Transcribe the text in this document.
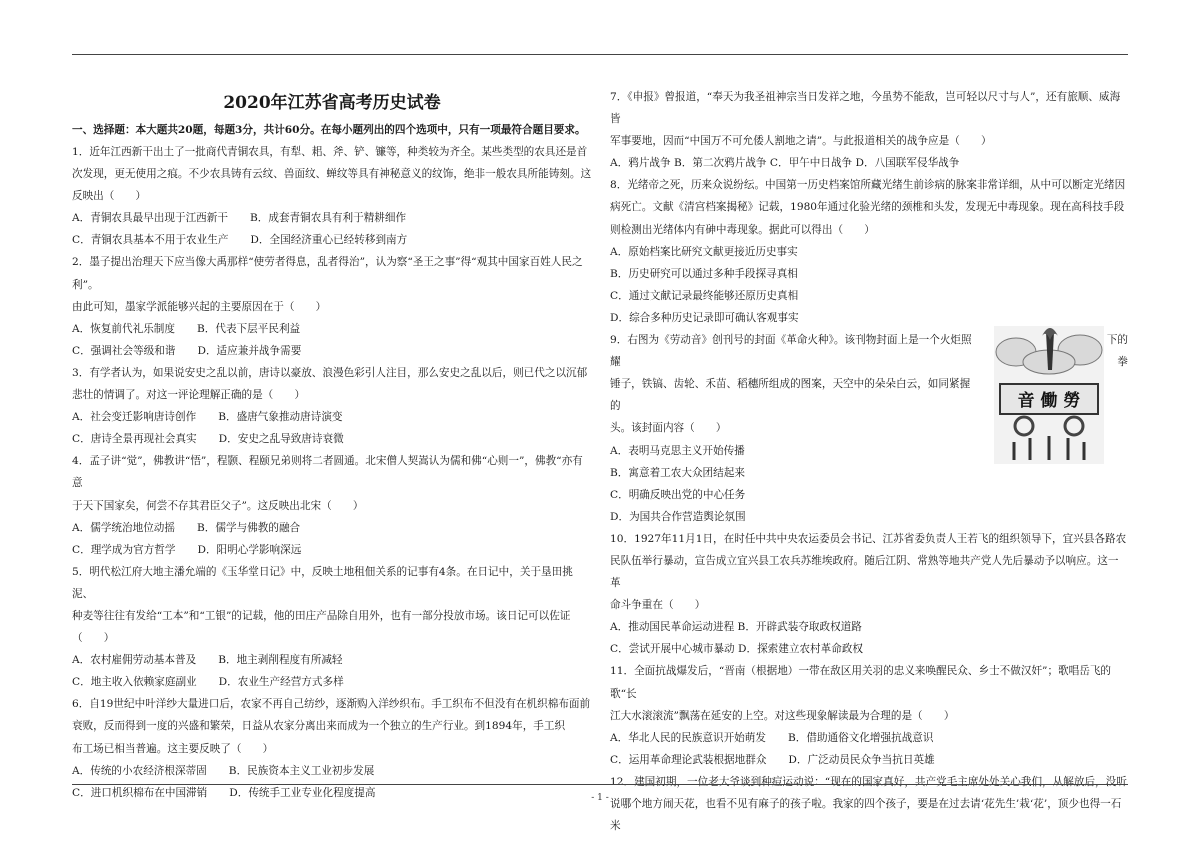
2020年江苏省高考历史试卷
一、选择题：本大题共20题，每题3分，共计60分。在每小题列出的四个选项中，只有一项最符合题目要求。

1．近年江西新干出土了一批商代青铜农具，有犁、耜、斧、铲、镰等，种类较为齐全。某些类型的农具还是首

次发现，更无使用之痕。不少农具铸有云纹、兽面纹、蝉纹等具有神秘意义的纹饰，绝非一般农具所能铸刻。这

反映出（　　）

A．青铜农具最早出现于江西新干 B．成套青铜农具有利于精耕细作
C．青铜农具基本不用于农业生产 D．全国经济重心已经转移到南方

2．墨子提出治理天下应当像大禹那样“使劳者得息，乱者得治”，认为察“圣王之事”得“观其中国家百姓人民之利”。

由此可知，墨家学派能够兴起的主要原因在于（　　）

A．恢复前代礼乐制度 B．代表下层平民利益
C．强调社会等级和谐 D．适应兼并战争需要

3．有学者认为，如果说安史之乱以前，唐诗以豪放、浪漫色彩引人注目，那么安史之乱以后，则已代之以沉郁

悲壮的情调了。对这一评论理解正确的是（　　）

A．社会变迁影响唐诗创作 B．盛唐气象推动唐诗演变
C．唐诗全景再现社会真实 D．安史之乱导致唐诗衰微

4．孟子讲“觉”，佛教讲“悟”，程颢、程颐兄弟则将二者圆通。北宋僧人契嵩认为儒和佛“心则一”，佛教“亦有意

于天下国家矣，何尝不存其君臣父子”。这反映出北宋（　　）

A．儒学统治地位动摇 B．儒学与佛教的融合
C．理学成为官方哲学 D．阳明心学影响深远

5．明代松江府大地主潘允端的《玉华堂日记》中，反映土地租佃关系的记事有4条。在日记中，关于垦田挑泥、

种麦等往往有发给“工本”和“工银”的记载，他的田庄产品除自用外，也有一部分投放市场。该日记可以佐证（　　）

A．农村雇佣劳动基本普及 B．地主剥削程度有所减轻
C．地主收入依赖家庭副业 D．农业生产经营方式多样

6．自19世纪中叶洋纱大量进口后，农家不再自己纺纱，逐渐购入洋纱织布。手工织布不但没有在机织棉布面前

衰败，反而得到一度的兴盛和繁荣，日益从农家分离出来而成为一个独立的生产行业。到1894年，手工织

布工场已相当普遍。这主要反映了（　　）

A．传统的小农经济根深蒂固 B．民族资本主义工业初步发展
C．进口机织棉布在中国滞销 D．传统手工业专业化程度提高

7．《申报》曾报道，“奉天为我圣祖神宗当日发祥之地，今虽势不能敌，岂可轻以尺寸与人”，还有旅顺、威海皆

军事要地，因而“中国万不可允倭人割地之请”。与此报道相关的战争应是（　　）

A．鸦片战争 B．第二次鸦片战争 C．甲午中日战争 D．八国联军侵华战争

8．光绪帝之死，历来众说纷纭。中国第一历史档案馆所藏光绪生前诊病的脉案非常详细，从中可以断定光绪因

病死亡。文献《清宫档案揭秘》记载，1980年通过化验光绪的颈椎和头发，发现无中毒现象。现在高科技手段

则检测出光绪体内有砷中毒现象。据此可以得出（　　）

A．原始档案比研究文献更接近历史事实
B．历史研究可以通过多种手段探寻真相
C．通过文献记录最终能够还原历史真相
D．综合多种历史记录即可确认客观事实

9．右图为《劳动音》创刊号的封面《革命火种》。该刊物封面上是一个火炬照耀

锤子，铁镐、齿轮、禾苗、稻穗所组成的图案，天空中的朵朵白云，如同紧握的

头。该封面内容（　　）

下的
拳
A．表明马克思主义开始传播
B．寓意着工农大众团结起来
C．明确反映出党的中心任务
D．为国共合作营造舆论氛围

10．1927年11月1日，在时任中共中央农运委员会书记、江苏省委负责人王若飞的组织领导下，宜兴县各路农

民队伍举行暴动，宣告成立宜兴县工农兵苏维埃政府。随后江阴、常熟等地共产党人先后暴动予以响应。这一革

命斗争重在（　　）

A．推动国民革命运动进程 B．开辟武装夺取政权道路
C．尝试开展中心城市暴动 D．探索建立农村革命政权

11．全面抗战爆发后，“晋南（根据地）一带在敌区用关羽的忠义来唤醒民众、乡士不做汉奸”；歌唱岳飞的歌“长

江大水滚滚流”飘荡在延安的上空。对这些现象解读最为合理的是（　　）

A．华北人民的民族意识开始萌发 B．借助通俗文化增强抗战意识
C．运用革命理论武装根据地群众 D．广泛动员民众争当抗日英雄

12．建国初期，一位老大爷谈到种痘运动说：“现在的国家真好，共产党毛主席处处关心我们，从解放后，没听

说哪个地方闹天花，也看不见有麻子的孩子啦。我家的四个孩子，要是在过去请‘花先生’栽‘花’，顶少也得一石米

音 働 勞
- 1 -
